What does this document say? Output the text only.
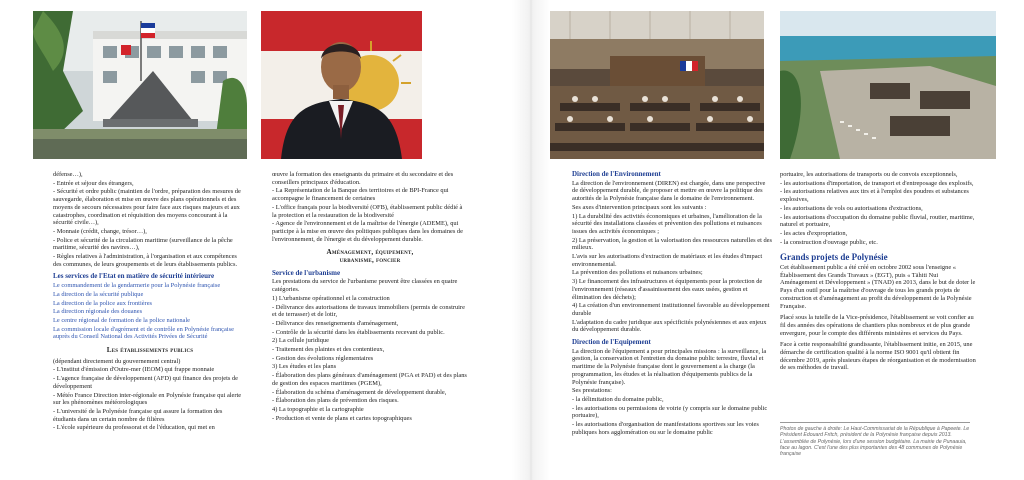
défense…),

- Entrée et séjour des étrangers,

- Sécurité et ordre public (maintien de l'ordre, préparation des mesures de sauvegarde, élaboration et mise en œuvre des plans opérationnels et des moyens de secours nécessaires pour faire face aux risques majeurs et aux catastrophes, coordination et réquisition des moyens concourant à la sécurité civile…),

- Monnaie (crédit, change, trésor…),

- Police et sécurité de la circulation maritime (surveillance de la pêche maritime, sécurité des navires…),

- Règles relatives à l'administration, à l'organisation et aux compétences des communes, de leurs groupements et de leurs établissements publics.

Les services de l'Etat en matière de sécurité intérieure

Le commandement de la gendarmerie pour la Polynésie française

La direction de la sécurité publique

La direction de la police aux frontières

La direction régionale des douanes

Le centre régional de formation de la police nationale

La commission locale d'agrément et de contrôle en Polynésie française auprès du Conseil National des Activités Privées de Sécurité

Les établissements publics

(dépendant directement du gouvernement central)

- L'institut d'émission d'Outre-mer (IEOM) qui frappe monnaie

- L'agence française de développement (AFD) qui finance des projets de développement

- Météo France Direction inter-régionale en Polynésie française qui alerte sur les phénomènes météorologiques

- L'université de la Polynésie française qui assure la formation des étudiants dans un certain nombre de filières

- L'école supérieure du professorat et de l'éducation, qui met en

œuvre la formation des enseignants du primaire et du secondaire et des conseillers principaux d'éducation.

- La Représentation de la Banque des territoires et de BPI-France qui accompagne le financement de certaines

- L'office français pour la biodiversité (OFB), établissement public dédié à la protection et la restauration de la biodiversité

- Agence de l'environnement et de la maîtrise de l'énergie (ADEME), qui participe à la mise en œuvre des politiques publiques dans les domaines de l'environnement, de l'énergie et du développement durable.

Aménagement, équipement,
urbanisme, foncier
Service de l'urbanisme

Les prestations du service de l'urbanisme peuvent être classées en quatre catégories.

1) L'urbanisme opérationnel et la construction

- Délivrance des autorisations de travaux immobiliers (permis de construire et de terrasser) et de lotir,

- Délivrance des renseignements d'aménagement,

- Contrôle de la sécurité dans les établissements recevant du public.

2) La cellule juridique

- Traitement des plaintes et des contentieux,

- Gestion des évolutions réglementaires

3) Les études et les plans

- Élaboration des plans généraux d'aménagement (PGA et PAD) et des plans de gestion des espaces maritimes (PGEM),

- Élaboration du schéma d'aménagement de développement durable,

- Élaboration des plans de prévention des risques.

4) La topographie et la cartographie

- Production et vente de plans et cartes topographiques

Direction de l'Environnement

La direction de l'environnement (DIREN) est chargée, dans une perspective de développement durable, de proposer et mettre en œuvre la politique des autorités de la Polynésie française dans le domaine de l'environnement.

Ses axes d'intervention principaux sont les suivants :

1) La durabilité des activités économiques et urbaines, l'amélioration de la sécurité des installations classées et prévention des pollutions et nuisances issues des activités économiques ;

2) La préservation, la gestion et la valorisation des ressources naturelles et des milieux.

L'avis sur les autorisations d'extraction de matériaux et les études d'impact environnemental.

La prévention des pollutions et nuisances urbaines;

3) Le financement des infrastructures et équipements pour la protection de l'environnement (réseaux d'assainissement des eaux usées, gestion et élimination des déchets);

4) La création d'un environnement institutionnel favorable au développement durable

L'adaptation du cadre juridique aux spécificités polynésiennes et aux enjeux du développement durable.

Direction de l'Equipement

La direction de l'équipement a pour principales missions : la surveillance, la gestion, la conservation et l'entretien du domaine public terrestre, fluvial et maritime de la Polynésie française dont le gouvernement a la charge (la programmation, les études et la réalisation d'équipements publics de la Polynésie française).

Ses prestations:

- la délimitation du domaine public,

- les autorisations ou permissions de voirie (y compris sur le domaine public portuaire),

- les autorisations d'organisation de manifestations sportives sur les voies publiques hors agglomération ou sur le domaine public

portuaire, les autorisations de transports ou de convois exceptionnels,

- les autorisations d'importation, de transport et d'entreposage des explosifs,

- les autorisations relatives aux tirs et à l'emploi des poudres et substances explosives,

- les autorisations de vols ou autorisations d'extractions,

- les autorisations d'occupation du domaine public fluvial, routier, maritime, naturel et portuaire,

- les actes d'expropriation,

- la construction d'ouvrage public, etc.

Grands projets de Polynésie

Cet établissement public a été créé en octobre 2002 sous l'enseigne « Établissement des Grands Travaux » (EGT), puis « Tāhiti Nui Aménagement et Développement » (TNAD) en 2013, dans le but de doter le Pays d'un outil pour la maîtrise d'ouvrage de tous les grands projets de construction et d'aménagement au profit du développement de la Polynésie Française.

Placé sous la tutelle de la Vice-présidence, l'établissement se voit confier au fil des années des opérations de chantiers plus nombreux et de plus grande envergure, pour le compte des différents ministères et services du Pays.

Face à cette responsabilité grandissante, l'établissement initie, en 2015, une démarche de certification qualité à la norme ISO 9001 qu'il obtient fin décembre 2019, après plusieurs étapes de réorganisation et de modernisation de ses méthodes de travail.

Photos de gauche à droite: Le Haut-Commissariat de la République à Papeete. Le Président Edouard Fritch, président de la Polynésie française depuis 2013. L'assemblée de Polynésie, lors d'une session budgétaire. La mairie de Punaauia, face au lagon. C'est l'une des plus importantes des 48 communes de Polynésie française
